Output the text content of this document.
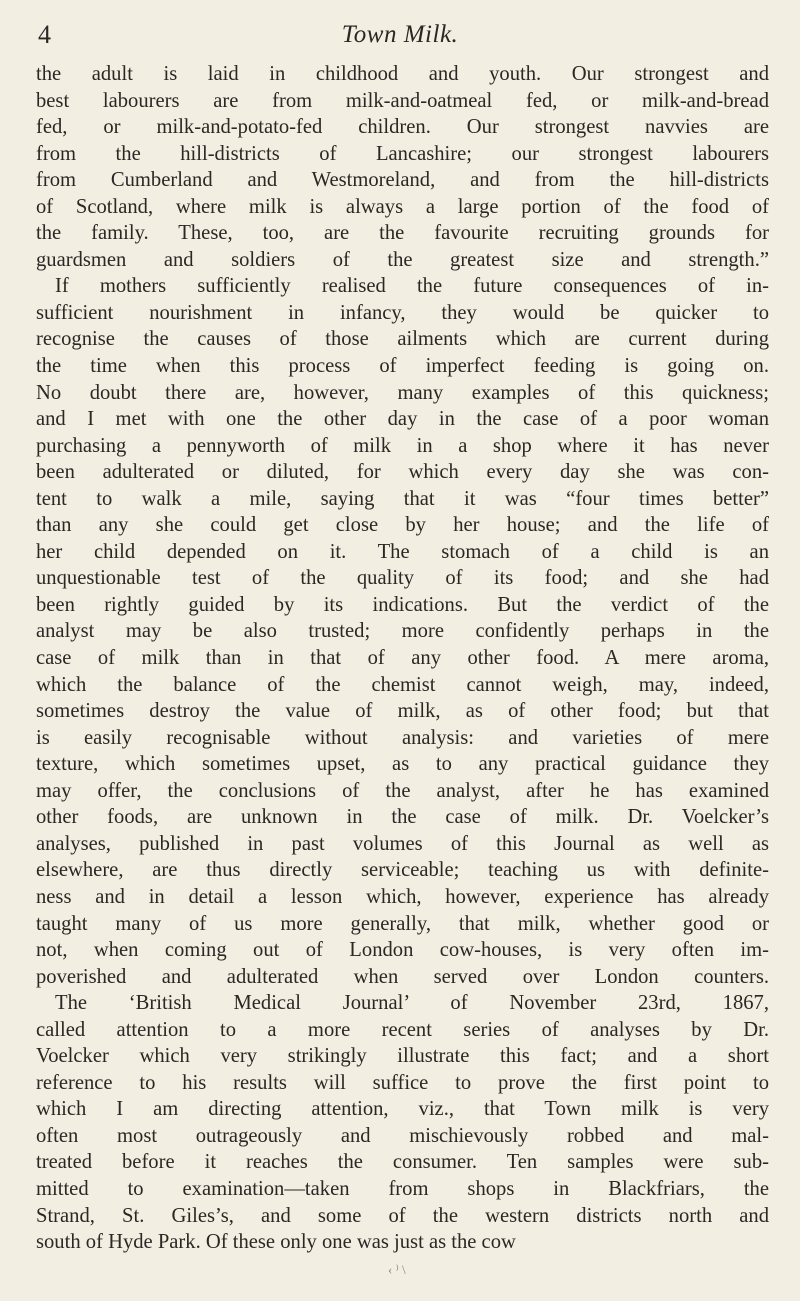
4	Town Milk.
the adult is laid in childhood and youth. Our strongest and
best labourers are from milk-and-oatmeal fed, or milk-and-bread
fed, or milk-and-potato-fed children. Our strongest navvies are
from the hill-districts of Lancashire; our strongest labourers
from Cumberland and Westmoreland, and from the hill-districts
of Scotland, where milk is always a large portion of the food of
the family. These, too, are the favourite recruiting grounds for
guardsmen and soldiers of the greatest size and strength.”
If mothers sufficiently realised the future consequences of in-
sufficient nourishment in infancy, they would be quicker to
recognise the causes of those ailments which are current during
the time when this process of imperfect feeding is going on.
No doubt there are, however, many examples of this quickness;
and I met with one the other day in the case of a poor woman
purchasing a pennyworth of milk in a shop where it has never
been adulterated or diluted, for which every day she was con-
tent to walk a mile, saying that it was “four times better”
than any she could get close by her house; and the life of
her child depended on it. The stomach of a child is an
unquestionable test of the quality of its food; and she had
been rightly guided by its indications. But the verdict of the
analyst may be also trusted; more confidently perhaps in the
case of milk than in that of any other food. A mere aroma,
which the balance of the chemist cannot weigh, may, indeed,
sometimes destroy the value of milk, as of other food; but that
is easily recognisable without analysis: and varieties of mere
texture, which sometimes upset, as to any practical guidance they
may offer, the conclusions of the analyst, after he has examined
other foods, are unknown in the case of milk. Dr. Voelcker’s
analyses, published in past volumes of this Journal as well as
elsewhere, are thus directly serviceable; teaching us with definite-
ness and in detail a lesson which, however, experience has already
taught many of us more generally, that milk, whether good or
not, when coming out of London cow-houses, is very often im-
poverished and adulterated when served over London counters.
The ‘British Medical Journal’ of November 23rd, 1867,
called attention to a more recent series of analyses by Dr.
Voelcker which very strikingly illustrate this fact; and a short
reference to his results will suffice to prove the first point to
which I am directing attention, viz., that Town milk is very
often most outrageously and mischievously robbed and mal-
treated before it reaches the consumer. Ten samples were sub-
mitted to examination—taken from shops in Blackfriars, the
Strand, St. Giles’s, and some of the western districts north and
south of Hyde Park. Of these only one was just as the cow
‹ ⁾ \
